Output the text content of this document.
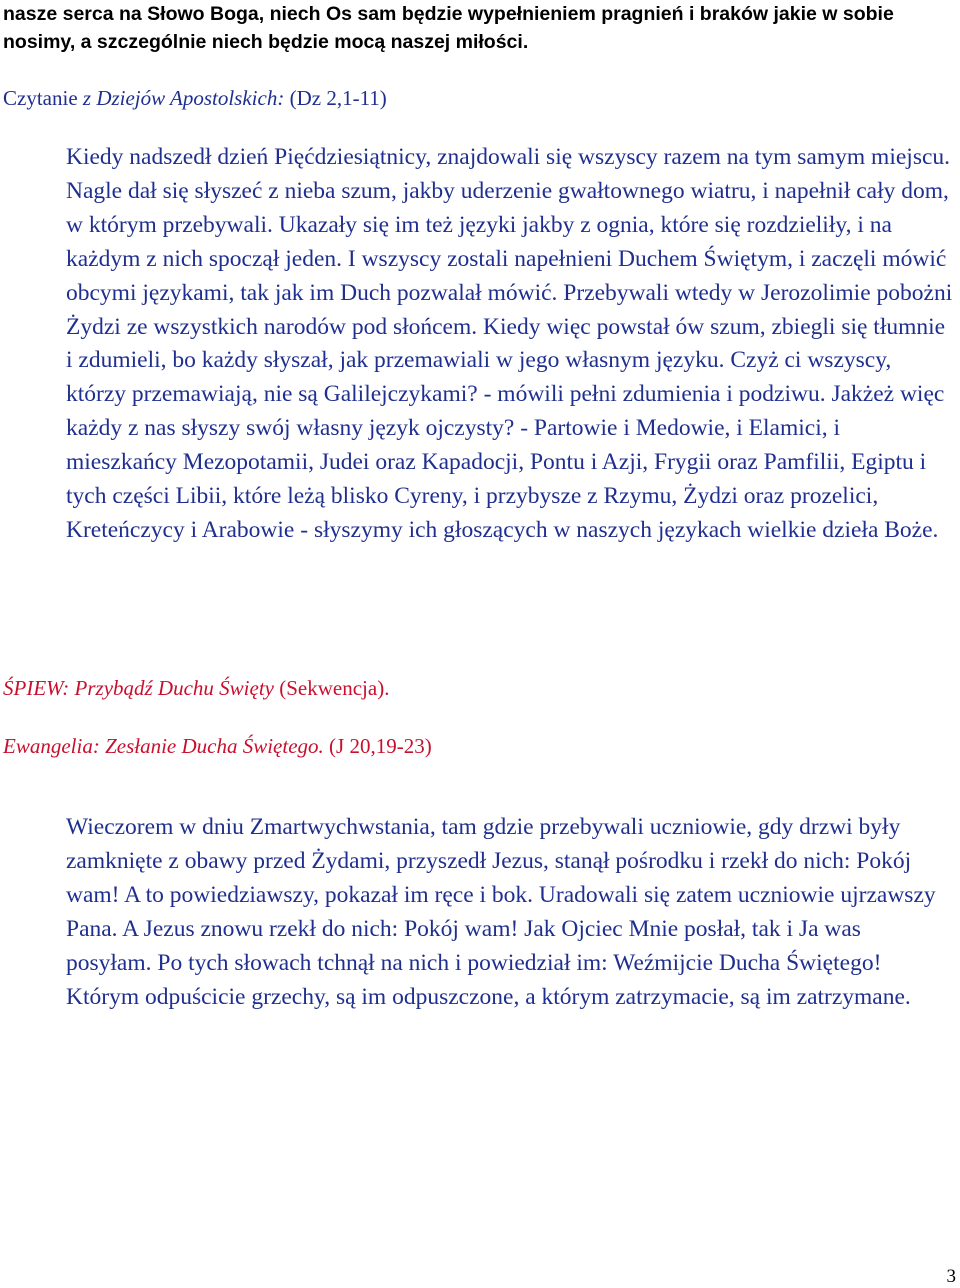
nasze serca na Słowo Boga, niech Os sam będzie wypełnieniem pragnień i braków jakie w sobie nosimy, a szczególnie niech będzie mocą naszej miłości.

Czytanie z Dziejów Apostolskich: (Dz 2,1-11)

Kiedy nadszedł dzień Pięćdziesiątnicy, znajdowali się wszyscy razem na tym samym miejscu. Nagle dał się słyszeć z nieba szum, jakby uderzenie gwałtownego wiatru, i napełnił cały dom, w którym przebywali. Ukazały się im też języki jakby z ognia, które się rozdzieliły, i na każdym z nich spoczął jeden. I wszyscy zostali napełnieni Duchem Świętym, i zaczęli mówić obcymi językami, tak jak im Duch pozwalał mówić. Przebywali wtedy w Jerozolimie pobożni Żydzi ze wszystkich narodów pod słońcem. Kiedy więc powstał ów szum, zbiegli się tłumnie i zdumieli, bo każdy słyszał, jak przemawiali w jego własnym języku. Czyż ci wszyscy, którzy przemawiają, nie są Galilejczykami? - mówili pełni zdumienia i podziwu. Jakżeż więc każdy z nas słyszy swój własny język ojczysty? - Partowie i Medowie, i Elamici, i mieszkańcy Mezopotamii, Judei oraz Kapadocji, Pontu i Azji, Frygii oraz Pamfilii, Egiptu i tych części Libii, które leżą blisko Cyreny, i przybysze z Rzymu, Żydzi oraz prozelici, Kreteńczycy i Arabowie - słyszymy ich głoszących w naszych językach wielkie dzieła Boże.

ŚPIEW: Przybądź Duchu Święty (Sekwencja).

Ewangelia: Zesłanie Ducha Świętego. (J 20,19-23)

Wieczorem w dniu Zmartwychwstania, tam gdzie przebywali uczniowie, gdy drzwi były zamknięte z obawy przed Żydami, przyszedł Jezus, stanął pośrodku i rzekł do nich: Pokój wam! A to powiedziawszy, pokazał im ręce i bok. Uradowali się zatem uczniowie ujrzawszy Pana. A Jezus znowu rzekł do nich: Pokój wam! Jak Ojciec Mnie posłał, tak i Ja was posyłam. Po tych słowach tchnął na nich i powiedział im: Weźmijcie Ducha Świętego! Którym odpuścicie grzechy, są im odpuszczone, a którym zatrzymacie, są im zatrzymane.

3
